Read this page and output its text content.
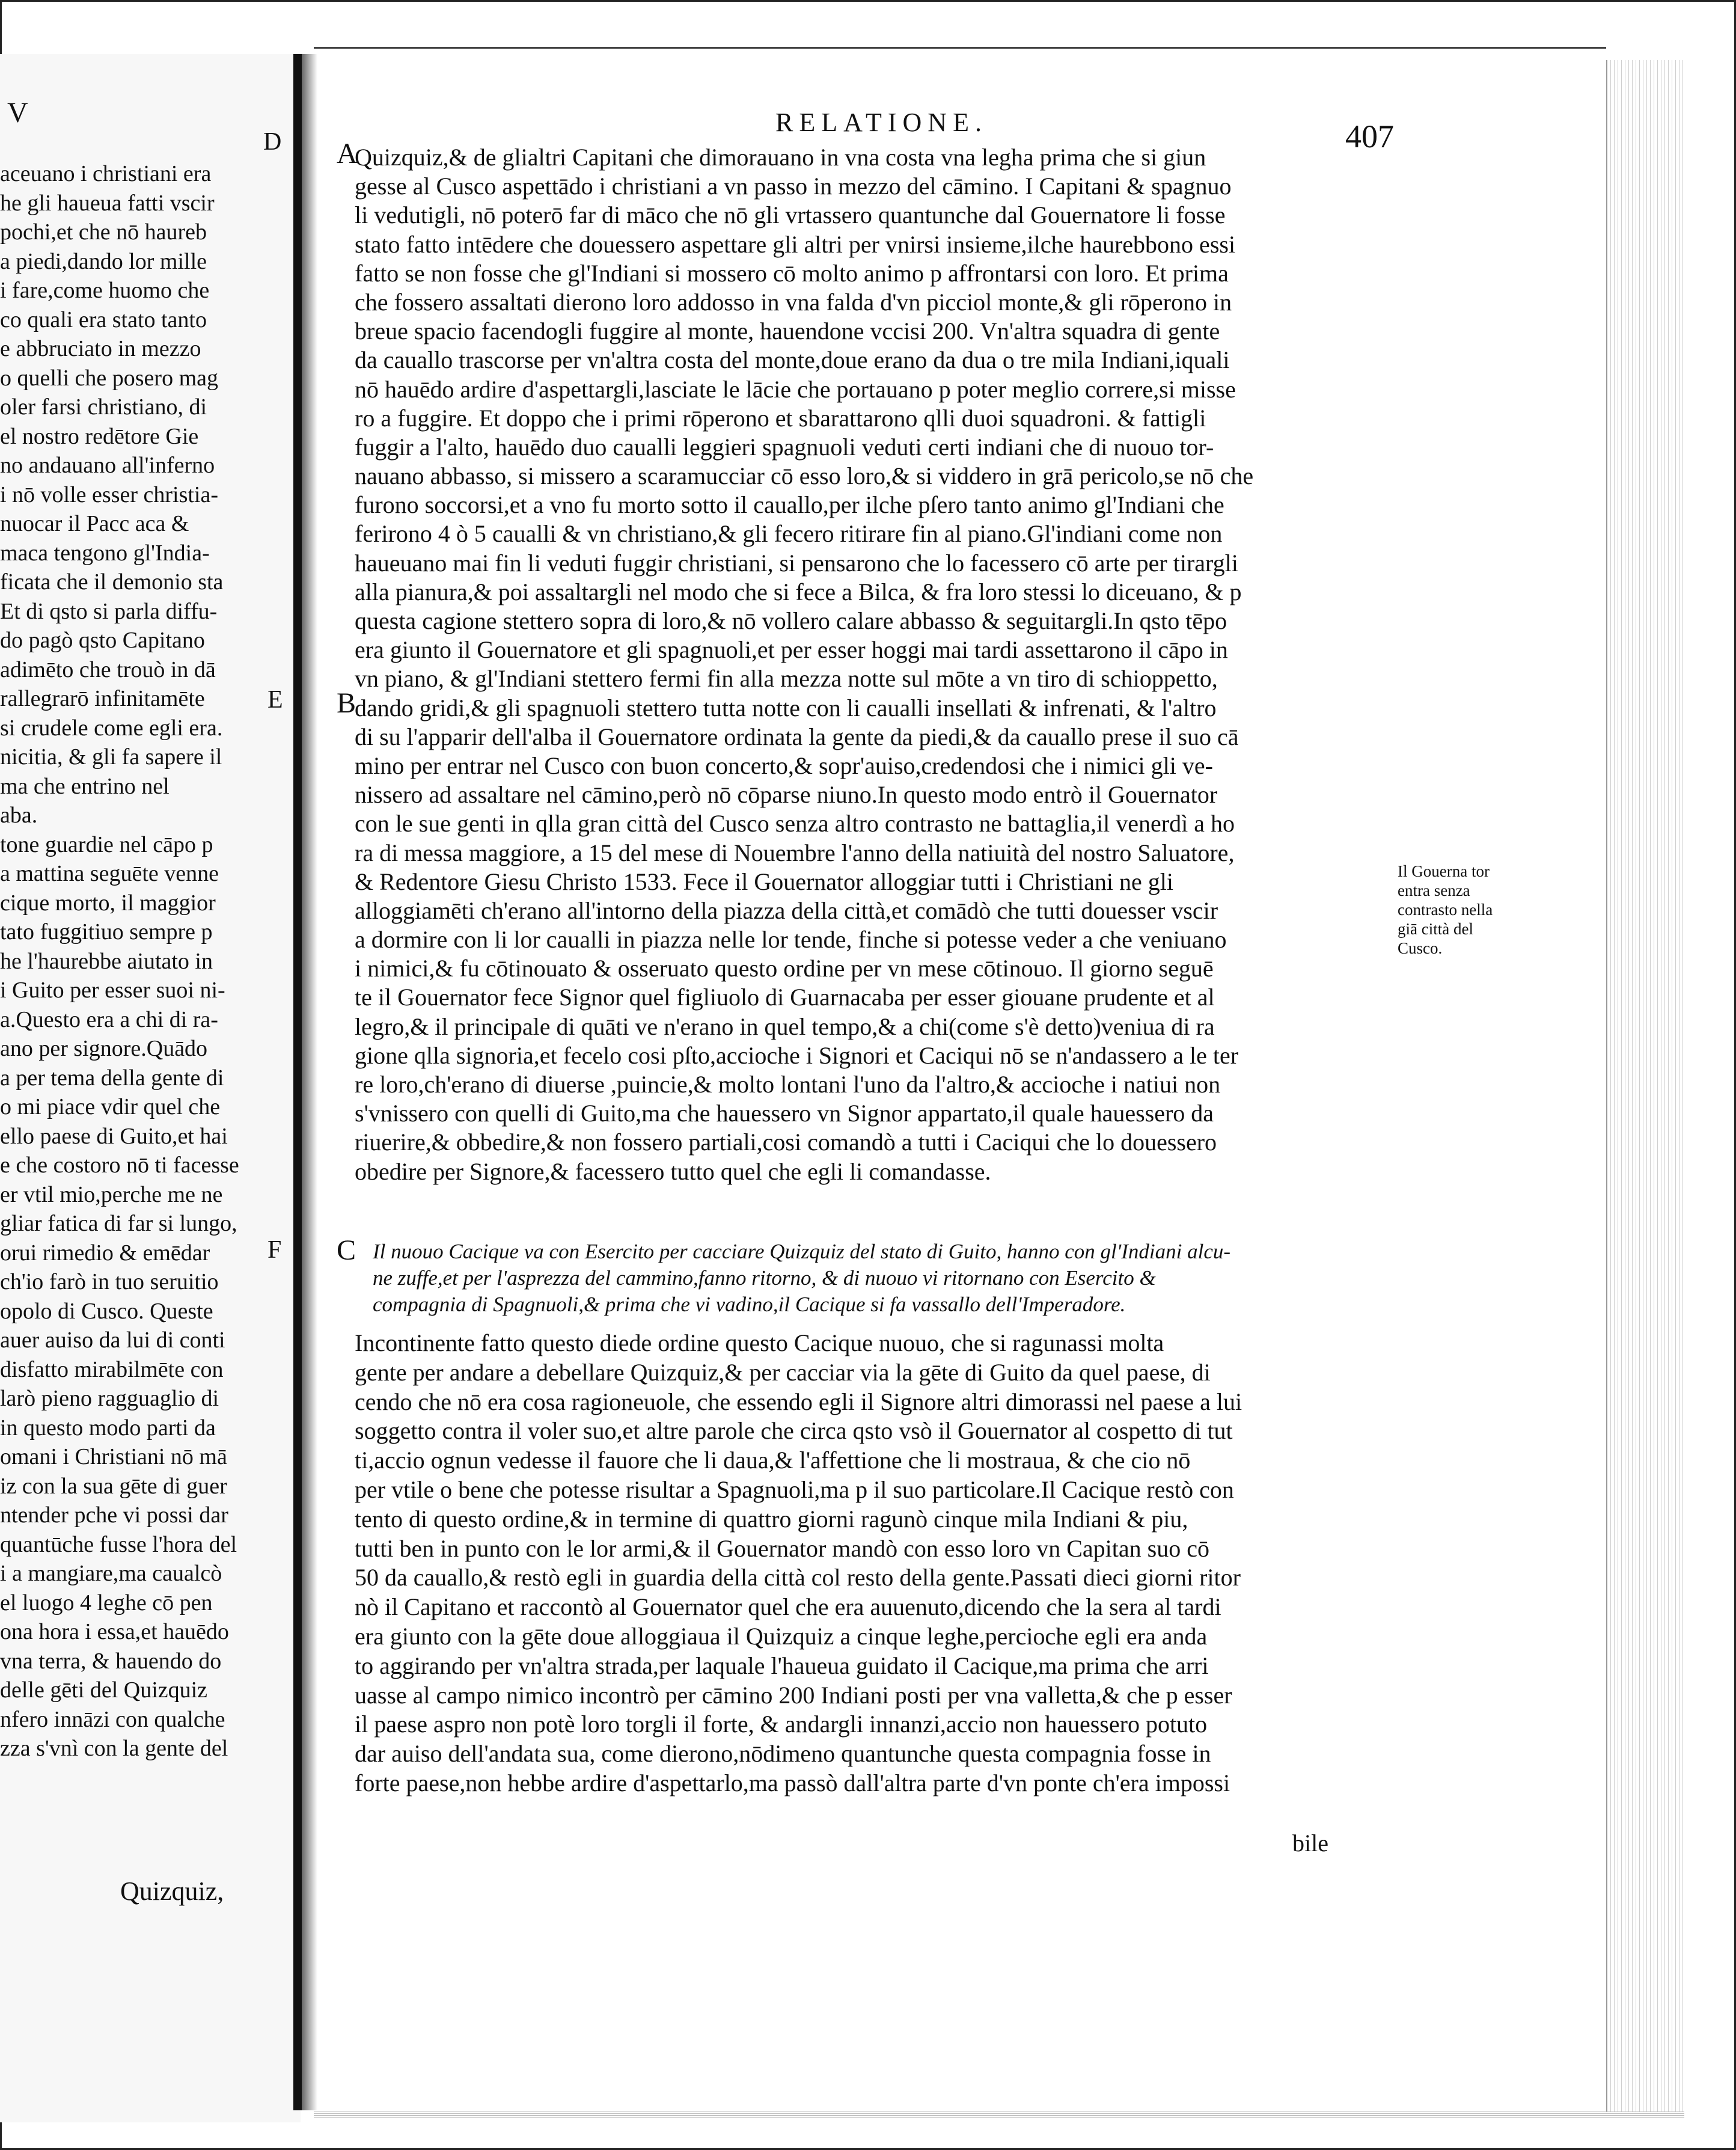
V
aceuano i christiani era
he gli haueua fatti vscir
pochi,et che nō haureb
a piedi,dando lor mille
i fare,come huomo che
co quali era stato tanto
e abbruciato in mezzo
o quelli che posero mag
oler farsi christiano, di
el nostro redētore Gie
no andauano all'inferno
i nō volle esser christia-
nuocar il Pacc aca &
maca tengono gl'India-
ficata che il demonio sta
Et di qsto si parla diffu-
do pagò qsto Capitano
adimēto che trouò in dā
rallegrarō infinitamēte
si crudele come egli era.
nicitia, & gli fa sapere il
ma che entrino nel
aba.
tone guardie nel cāpo p
a mattina seguēte venne
cique morto, il maggior
tato fuggitiuo sempre p
he l'haurebbe aiutato in
i Guito per esser suoi ni-
a.Questo era a chi di ra-
ano per signore.Quādo
a per tema della gente di
o mi piace vdir quel che
ello paese di Guito,et hai
e che costoro nō ti facesse
er vtil mio,perche me ne
gliar fatica di far si lungo,
orui rimedio & emēdar
ch'io farò in tuo seruitio
opolo di Cusco. Queste
auer auiso da lui di conti
disfatto mirabilmēte con
larò pieno ragguaglio di
in questo modo parti da
omani i Christiani nō mā
iz con la sua gēte di guer
ntender pche vi possi dar
quantūche fusse l'hora del
i a mangiare,ma caualcò
el luogo 4 leghe cō pen
ona hora i essa,et hauēdo
vna terra, & hauendo do
delle gēti del Quizquiz
nfero innāzi con qualche
zza s'vnì con la gente del
D
E
F
Quizquiz,
RELATIONE.	407
A
B
C
Quizquiz,& de glialtri Capitani che dimorauano in vna costa vna legha prima che si giun
gesse al Cusco aspettādo i christiani a vn passo in mezzo del cāmino. I Capitani & spagnuo
li vedutigli, nō poterō far di māco che nō gli vrtassero quantunche dal Gouernatore li fosse
stato fatto intēdere che douessero aspettare gli altri per vnirsi insieme,ilche haurebbono essi
fatto se non fosse che gl'Indiani si mossero cō molto animo p affrontarsi con loro. Et prima
che fossero assaltati dierono loro addosso in vna falda d'vn picciol monte,& gli rōperono in
breue spacio facendogli fuggire al monte, hauendone vccisi 200. Vn'altra squadra di gente
da cauallo trascorse per vn'altra costa del monte,doue erano da dua o tre mila Indiani,iquali
nō hauēdo ardire d'aspettargli,lasciate le lācie che portauano p poter meglio correre,si misse
ro a fuggire. Et doppo che i primi rōperono et sbarattarono qlli duoi squadroni. & fattigli
fuggir a l'alto, hauēdo duo caualli leggieri spagnuoli veduti certi indiani che di nuouo tor-
nauano abbasso, si missero a scaramucciar cō esso loro,& si viddero in grā pericolo,se nō che
furono soccorsi,et a vno fu morto sotto il cauallo,per ilche pſero tanto animo gl'Indiani che
ferirono 4 ò 5 caualli & vn christiano,& gli fecero ritirare fin al piano.Gl'indiani come non
haueuano mai fin li veduti fuggir christiani, si pensarono che lo facessero cō arte per tirargli
alla pianura,& poi assaltargli nel modo che si fece a Bilca, & fra loro stessi lo diceuano, & p
questa cagione stettero sopra di loro,& nō vollero calare abbasso & seguitargli.In qsto tēpo
era giunto il Gouernatore et gli spagnuoli,et per esser hoggi mai tardi assettarono il cāpo in
vn piano, & gl'Indiani stettero fermi fin alla mezza notte sul mōte a vn tiro di schioppetto,
dando gridi,& gli spagnuoli stettero tutta notte con li caualli insellati & infrenati, & l'altro
di su l'apparir dell'alba il Gouernatore ordinata la gente da piedi,& da cauallo prese il suo cā
mino per entrar nel Cusco con buon concerto,& sopr'auiso,credendosi che i nimici gli ve-
nissero ad assaltare nel cāmino,però nō cōparse niuno.In questo modo entrò il Gouernator
con le sue genti in qlla gran città del Cusco senza altro contrasto ne battaglia,il venerdì a ho
ra di messa maggiore, a 15 del mese di Nouembre l'anno della natiuità del nostro Saluatore,
& Redentore Giesu Christo 1533. Fece il Gouernator alloggiar tutti i Christiani ne gli
alloggiamēti ch'erano all'intorno della piazza della città,et comādò che tutti douesser vscir
a dormire con li lor caualli in piazza nelle lor tende, finche si potesse veder a che veniuano
i nimici,& fu cōtinouato & osseruato questo ordine per vn mese cōtinouo. Il giorno seguē
te il Gouernator fece Signor quel figliuolo di Guarnacaba per esser giouane prudente et al
legro,& il principale di quāti ve n'erano in quel tempo,& a chi(come s'è detto)veniua di ra
gione qlla signoria,et fecelo cosi pſto,accioche i Signori et Caciqui nō se n'andassero a le ter
re loro,ch'erano di diuerse ,puincie,& molto lontani l'uno da l'altro,& accioche i natiui non
s'vnissero con quelli di Guito,ma che hauessero vn Signor appartato,il quale hauessero da
riuerire,& obbedire,& non fossero partiali,cosi comandò a tutti i Caciqui che lo douessero
obedire per Signore,& facessero tutto quel che egli li comandasse.
Il nuouo Cacique va con Esercito per cacciare Quizquiz del stato di Guito, hanno con gl'Indiani alcu-
ne zuffe,et per l'asprezza del cammino,fanno ritorno, & di nuouo vi ritornano con Esercito &
compagnia di Spagnuoli,& prima che vi vadino,il Cacique si fa vassallo dell'Imperadore.
Incontinente fatto questo diede ordine questo Cacique nuouo, che si ragunassi molta
gente per andare a debellare Quizquiz,& per cacciar via la gēte di Guito da quel paese, di
cendo che nō era cosa ragioneuole, che essendo egli il Signore altri dimorassi nel paese a lui
soggetto contra il voler suo,et altre parole che circa qsto vsò il Gouernator al cospetto di tut
ti,accio ognun vedesse il fauore che li daua,& l'affettione che li mostraua, & che cio nō
per vtile o bene che potesse risultar a Spagnuoli,ma p il suo particolare.Il Cacique restò con
tento di questo ordine,& in termine di quattro giorni ragunò cinque mila Indiani & piu,
tutti ben in punto con le lor armi,& il Gouernator mandò con esso loro vn Capitan suo cō
50 da cauallo,& restò egli in guardia della città col resto della gente.Passati dieci giorni ritor
nò il Capitano et raccontò al Gouernator quel che era auuenuto,dicendo che la sera al tardi
era giunto con la gēte doue alloggiaua il Quizquiz a cinque leghe,percioche egli era anda
to aggirando per vn'altra strada,per laquale l'haueua guidato il Cacique,ma prima che arri
uasse al campo nimico incontrò per cāmino 200 Indiani posti per vna valletta,& che p esser
il paese aspro non potè loro torgli il forte, & andargli innanzi,accio non hauessero potuto
dar auiso dell'andata sua, come dierono,nōdimeno quantunche questa compagnia fosse in
forte paese,non hebbe ardire d'aspettarlo,ma passò dall'altra parte d'vn ponte ch'era impossi
Il Gouerna tor entra senza contrasto nella giā città del Cusco.
bile
